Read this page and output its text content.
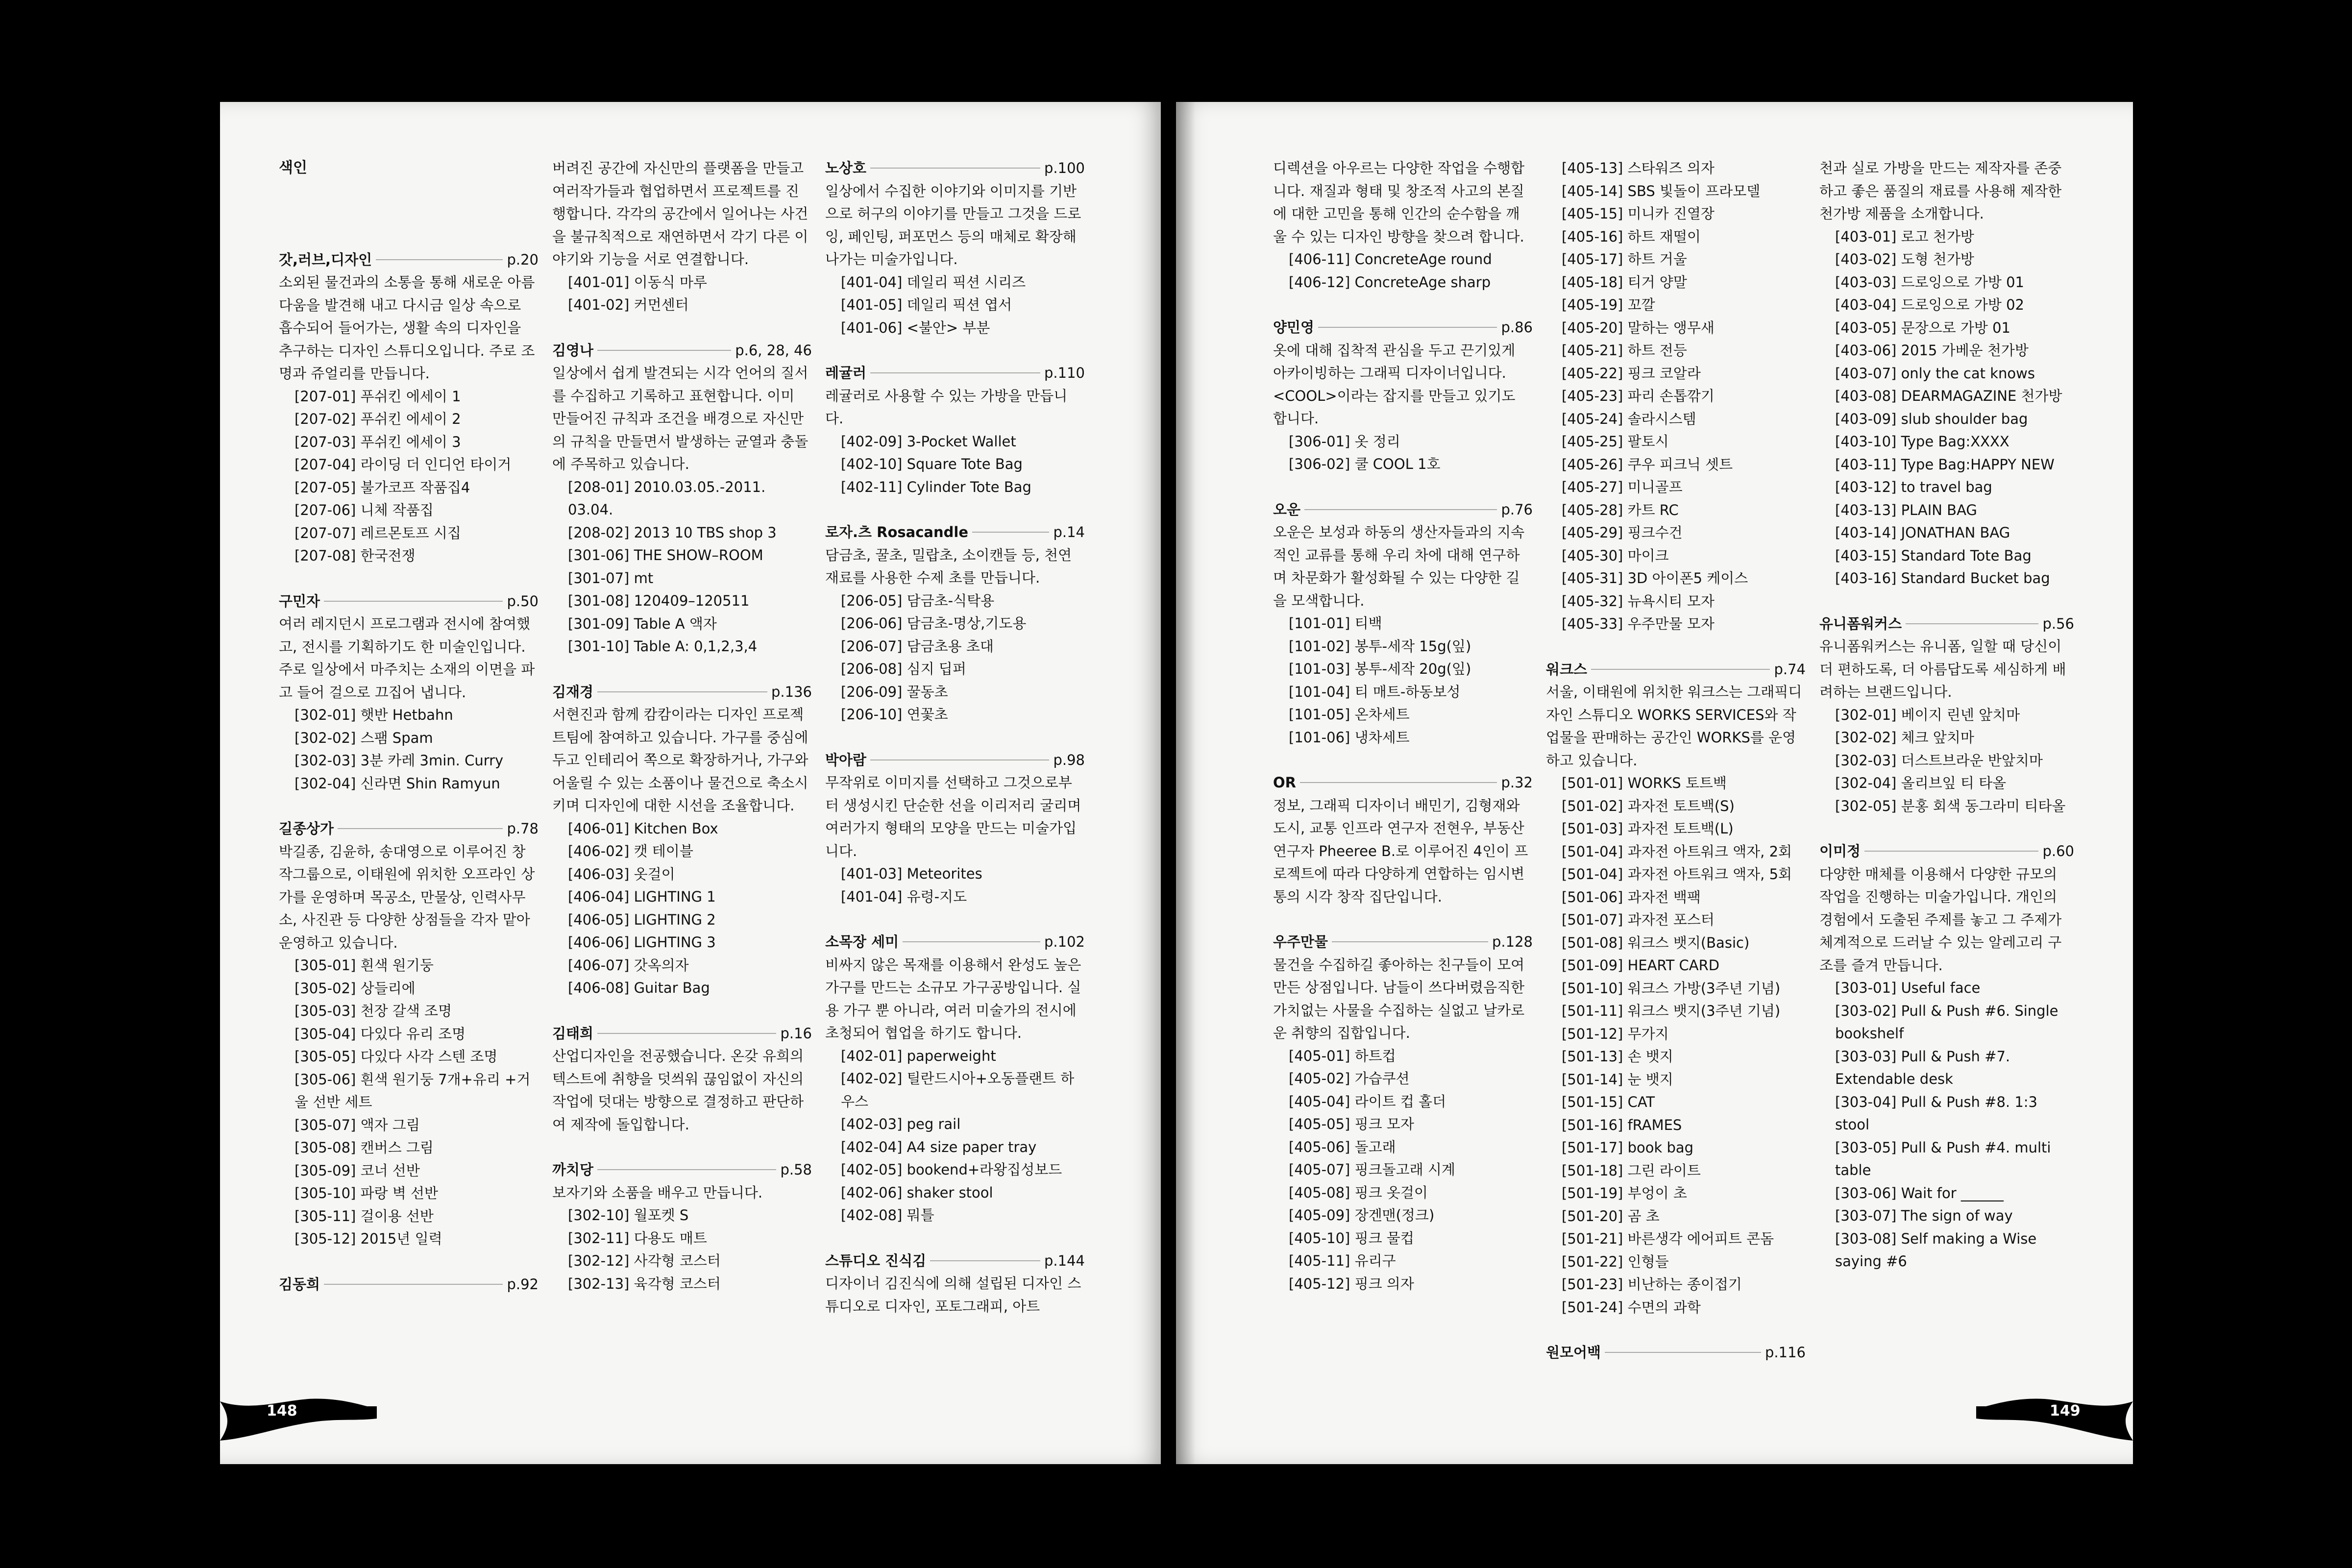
색인
갓,러브,디자인	p.20
소외된 물건과의 소통을 통해 새로운 아름다움을 발견해 내고 다시금 일상 속으로 흡수되어 들어가는, 생활 속의 디자인을 추구하는 디자인 스튜디오입니다. 주로 조명과 쥬얼리를 만듭니다.
[207-01] 푸쉬킨 에세이 1
[207-02] 푸쉬킨 에세이 2
[207-03] 푸쉬킨 에세이 3
[207-04] 라이딩 더 인디언 타이거
[207-05] 불가코프 작품집4
[207-06] 니체 작품집
[207-07] 레르몬토프 시집
[207-08] 한국전쟁
구민자	p.50
여러 레지던시 프로그램과 전시에 참여했고, 전시를 기획하기도 한 미술인입니다. 주로 일상에서 마주치는 소재의 이면을 파고 들어 걸으로 끄집어 냅니다.
[302-01] 햇반 Hetbahn
[302-02] 스팸 Spam
[302-03] 3분 카레 3min. Curry
[302-04] 신라면 Shin Ramyun
길종상가	p.78
박길종, 김윤하, 송대영으로 이루어진 창작그룹으로, 이태원에 위치한 오프라인 상가를 운영하며 목공소, 만물상, 인력사무소, 사진관 등 다양한 상점들을 각자 맡아 운영하고 있습니다.
[305-01] 흰색 원기둥
[305-02] 상들리에
[305-03] 천장 갈색 조명
[305-04] 다있다 유리 조명
[305-05] 다있다 사각 스텐 조명
[305-06] 흰색 원기둥 7개+유리 +거울 선반 세트
[305-07] 액자 그림
[305-08] 캔버스 그림
[305-09] 코너 선반
[305-10] 파랑 벽 선반
[305-11] 걸이용 선반
[305-12] 2015년 일력
김동희	p.92
버려진 공간에 자신만의 플랫폼을 만들고 여러작가들과 협업하면서 프로젝트를 진행합니다. 각각의 공간에서 일어나는 사건을 불규칙적으로 재연하면서 각기 다른 이야기와 기능을 서로 연결합니다.
[401-01] 이동식 마루
[401-02] 커먼센터
김영나	p.6, 28, 46
일상에서 쉽게 발견되는 시각 언어의 질서를 수집하고 기록하고 표현합니다. 이미 만들어진 규칙과 조건을 배경으로 자신만의 규칙을 만들면서 발생하는 균열과 충돌에 주목하고 있습니다.
[208-01] 2010.03.05.-2011. 03.04.
[208-02] 2013 10 TBS shop 3
[301-06] THE SHOW–ROOM
[301-07] mt
[301-08] 120409–120511
[301-09] Table A 액자
[301-10] Table A: 0,1,2,3,4
김재경	p.136
서현진과 함께 캄캄이라는 디자인 프로젝트팀에 참여하고 있습니다. 가구를 중심에 두고 인테리어 쪽으로 확장하거나, 가구와 어울릴 수 있는 소품이나 물건으로 축소시키며 디자인에 대한 시선을 조율합니다.
[406-01] Kitchen Box
[406-02] 캣 테이블
[406-03] 옷걸이
[406-04] LIGHTING 1
[406-05] LIGHTING 2
[406-06] LIGHTING 3
[406-07] 갓옥의자
[406-08] Guitar Bag
김태희	p.16
산업디자인을 전공했습니다. 온갖 유희의 텍스트에 취향을 덧씌워 끊임없이 자신의 작업에 덧대는 방향으로 결정하고 판단하여 제작에 돌입합니다.
까치당	p.58
보자기와 소품을 배우고 만듭니다.
[302-10] 월포켓 S
[302-11] 다용도 매트
[302-12] 사각형 코스터
[302-13] 육각형 코스터
노상호	p.100
일상에서 수집한 이야기와 이미지를 기반으로 허구의 이야기를 만들고 그것을 드로잉, 페인팅, 퍼포먼스 등의 매체로 확장해 나가는 미술가입니다.
[401-04] 데일리 픽션 시리즈
[401-05] 데일리 픽션 엽서
[401-06] <불안> 부분
레귤러	p.110
레귤러로 사용할 수 있는 가방을 만듭니다.
[402-09] 3-Pocket Wallet
[402-10] Square Tote Bag
[402-11] Cylinder Tote Bag
로자.츠 Rosacandle	p.14
담금초, 꿀초, 밀랍초, 소이캔들 등, 천연재료를 사용한 수제 초를 만듭니다.
[206-05] 담금초-식탁용
[206-06] 담금초-명상,기도용
[206-07] 담금초용 초대
[206-08] 심지 딥퍼
[206-09] 꿀동초
[206-10] 연꽃초
박아람	p.98
무작위로 이미지를 선택하고 그것으로부터 생성시킨 단순한 선을 이리저리 굴리며 여러가지 형태의 모양을 만드는 미술가입니다.
[401-03] Meteorites
[401-04] 유령-지도
소목장 세미	p.102
비싸지 않은 목재를 이용해서 완성도 높은 가구를 만드는 소규모 가구공방입니다. 실용 가구 뿐 아니라, 여러 미술가의 전시에 초청되어 협업을 하기도 합니다.
[402-01] paperweight
[402-02] 틸란드시아+오동플랜트 하우스
[402-03] peg rail
[402-04] A4 size paper tray
[402-05] bookend+라왕집성보드
[402-06] shaker stool
[402-08] 뭐틀
스튜디오 진식김	p.144
디자이너 김진식에 의해 설립된 디자인 스튜디오로 디자인, 포토그래피, 아트
디렉션을 아우르는 다양한 작업을 수행합니다. 재질과 형태 및 창조적 사고의 본질에 대한 고민을 통해 인간의 순수함을 깨울 수 있는 디자인 방향을 찾으려 합니다.
[406-11] ConcreteAge round
[406-12] ConcreteAge sharp
양민영	p.86
옷에 대해 집착적 관심을 두고 끈기있게 아카이빙하는 그래픽 디자이너입니다. <COOL>이라는 잡지를 만들고 있기도 합니다.
[306-01] 옷 정리
[306-02] 쿨 COOL 1호
오운	p.76
오운은 보성과 하동의 생산자들과의 지속적인 교류를 통해 우리 차에 대해 연구하며 차문화가 활성화될 수 있는 다양한 길을 모색합니다.
[101-01] 티백
[101-02] 봉투-세작 15g(잎)
[101-03] 봉투-세작 20g(잎)
[101-04] 티 매트-하동보성
[101-05] 온차세트
[101-06] 냉차세트
OR	p.32
정보, 그래픽 디자이너 배민기, 김형재와 도시, 교통 인프라 연구자 전현우, 부동산 연구자 Pheeree B.로 이루어진 4인이 프로젝트에 따라 다양하게 연합하는 임시변통의 시각 창작 집단입니다.
우주만물	p.128
물건을 수집하길 좋아하는 친구들이 모여 만든 상점입니다. 남들이 쓰다버렸음직한 가치없는 사물을 수집하는 실없고 날카로운 취향의 집합입니다.
[405-01] 하트컵
[405-02] 가습쿠션
[405-04] 라이트 컵 홀더
[405-05] 핑크 모자
[405-06] 돌고래
[405-07] 핑크돌고래 시계
[405-08] 핑크 옷걸이
[405-09] 장겐맨(정크)
[405-10] 핑크 물컵
[405-11] 유리구
[405-12] 핑크 의자
[405-13] 스타워즈 의자
[405-14] SBS 빛돌이 프라모델
[405-15] 미니카 진열장
[405-16] 하트 재떨이
[405-17] 하트 거울
[405-18] 티거 양말
[405-19] 꼬깔
[405-20] 말하는 앵무새
[405-21] 하트 전등
[405-22] 핑크 코알라
[405-23] 파리 손톱깎기
[405-24] 솔라시스템
[405-25] 팔토시
[405-26] 쿠우 피크닉 셋트
[405-27] 미니골프
[405-28] 카트 RC
[405-29] 핑크수건
[405-30] 마이크
[405-31] 3D 아이폰5 케이스
[405-32] 뉴욕시티 모자
[405-33] 우주만물 모자
워크스	p.74
서울, 이태원에 위치한 워크스는 그래픽디자인 스튜디오 WORKS SERVICES와 작업물을 판매하는 공간인 WORKS를 운영하고 있습니다.
[501-01] WORKS 토트백
[501-02] 과자전 토트백(S)
[501-03] 과자전 토트백(L)
[501-04] 과자전 아트워크 액자, 2회
[501-04] 과자전 아트워크 액자, 5회
[501-06] 과자전 백팩
[501-07] 과자전 포스터
[501-08] 워크스 뱃지(Basic)
[501-09] HEART CARD
[501-10] 워크스 가방(3주년 기념)
[501-11] 워크스 뱃지(3주년 기념)
[501-12] 무가지
[501-13] 손 뱃지
[501-14] 눈 뱃지
[501-15] CAT
[501-16] fRAMES
[501-17] book bag
[501-18] 그린 라이트
[501-19] 부엉이 초
[501-20] 곰 초
[501-21] 바른생각 에어피트 콘돔
[501-22] 인형들
[501-23] 비난하는 종이접기
[501-24] 수면의 과학
원모어백	p.116
천과 실로 가방을 만드는 제작자를 존중하고 좋은 품질의 재료를 사용해 제작한 천가방 제품을 소개합니다.
[403-01] 로고 천가방
[403-02] 도형 천가방
[403-03] 드로잉으로 가방 01
[403-04] 드로잉으로 가방 02
[403-05] 문장으로 가방 01
[403-06] 2015 가베운 천가방
[403-07] only the cat knows
[403-08] DEARMAGAZINE 천가방
[403-09] slub shoulder bag
[403-10] Type Bag:XXXX
[403-11] Type Bag:HAPPY NEW
[403-12] to travel bag
[403-13] PLAIN BAG
[403-14] JONATHAN BAG
[403-15] Standard Tote Bag
[403-16] Standard Bucket bag
유니폼워커스	p.56
유니폼워커스는 유니폼, 일할 때 당신이 더 편하도록, 더 아름답도록 세심하게 배려하는 브랜드입니다.
[302-01] 베이지 린넨 앞치마
[302-02] 체크 앞치마
[302-03] 더스트브라운 반앞치마
[302-04] 올리브잎 티 타올
[302-05] 분홍 회색 동그라미 티타올
이미정	p.60
다양한 매체를 이용해서 다양한 규모의 작업을 진행하는 미술가입니다. 개인의 경험에서 도출된 주제를 놓고 그 주제가 체계적으로 드러날 수 있는 알레고리 구조를 즐겨 만듭니다.
[303-01] Useful face
[303-02] Pull & Push #6. Single bookshelf
[303-03] Pull & Push #7. Extendable desk
[303-04] Pull & Push #8. 1:3 stool
[303-05] Pull & Push #4. multi table
[303-06] Wait for ______
[303-07] The sign of way
[303-08] Self making a Wise saying #6
148	149
